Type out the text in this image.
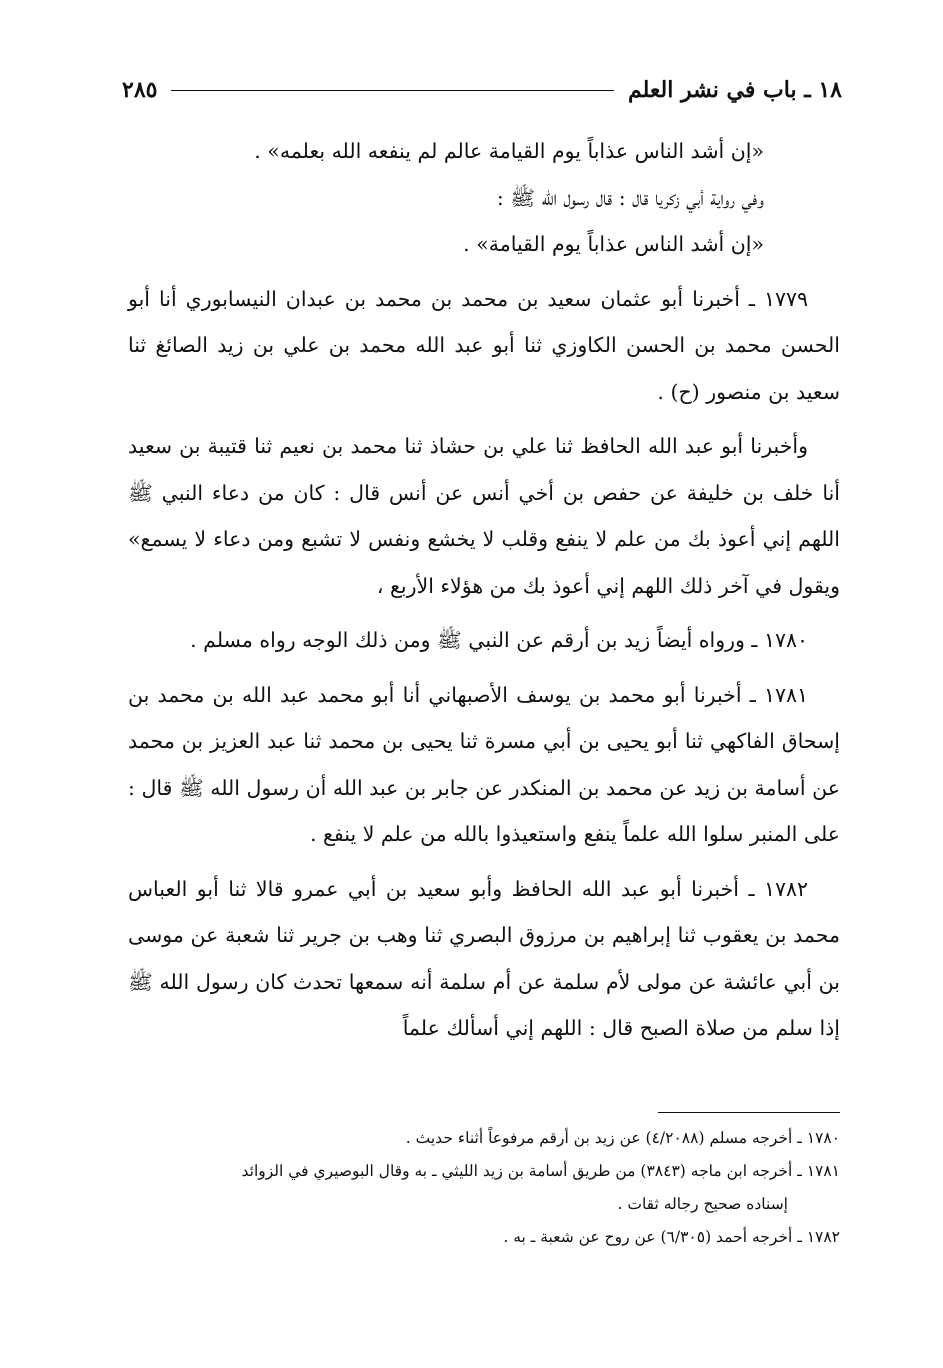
١٨ ـ باب في نشر العلم
٢٨٥
«إن أشد الناس عذاباً يوم القيامة عالم لم ينفعه الله بعلمه» .
وفي رواية أبي زكريا قال : قال رسول الله ﷺ :
«إن أشد الناس عذاباً يوم القيامة» .

١٧٧٩ ـ أخبرنا أبو عثمان سعيد بن محمد بن محمد بن عبدان النيسابوري أنا أبو الحسن محمد بن الحسن الكاوزي ثنا أبو عبد الله محمد بن علي بن زيد الصائغ ثنا سعيد بن منصور (ح) .

وأخبرنا أبو عبد الله الحافظ ثنا علي بن حشاذ ثنا محمد بن نعيم ثنا قتيبة بن سعيد أنا خلف بن خليفة عن حفص بن أخي أنس عن أنس قال : كان من دعاء النبي ﷺ اللهم إني أعوذ بك من علم لا ينفع وقلب لا يخشع ونفس لا تشبع ومن دعاء لا يسمع» ويقول في آخر ذلك اللهم إني أعوذ بك من هؤلاء الأربع ،

١٧٨٠ ـ ورواه أيضاً زيد بن أرقم عن النبي ﷺ ومن ذلك الوجه رواه مسلم .

١٧٨١ ـ أخبرنا أبو محمد بن يوسف الأصبهاني أنا أبو محمد عبد الله بن محمد بن إسحاق الفاكهي ثنا أبو يحيى بن أبي مسرة ثنا يحيى بن محمد ثنا عبد العزيز بن محمد عن أسامة بن زيد عن محمد بن المنكدر عن جابر بن عبد الله أن رسول الله ﷺ قال : على المنبر سلوا الله علماً ينفع واستعيذوا بالله من علم لا ينفع .

١٧٨٢ ـ أخبرنا أبو عبد الله الحافظ وأبو سعيد بن أبي عمرو قالا ثنا أبو العباس محمد بن يعقوب ثنا إبراهيم بن مرزوق البصري ثنا وهب بن جرير ثنا شعبة عن موسى بن أبي عائشة عن مولى لأم سلمة عن أم سلمة أنه سمعها تحدث كان رسول الله ﷺ إذا سلم من صلاة الصبح قال : اللهم إني أسألك علماً

١٧٨٠ ـ أخرجه مسلم (٤/٢٠٨٨) عن زيد بن أرقم مرفوعاً أثناء حديث .

١٧٨١ ـ أخرجه ابن ماجه (٣٨٤٣) من طريق أسامة بن زيد الليثي ـ به وقال البوصيري في الزوائد
إسناده صحيح رجاله ثقات .

١٧٨٢ ـ أخرجه أحمد (٦/٣٠٥) عن روح عن شعبة ـ به .
